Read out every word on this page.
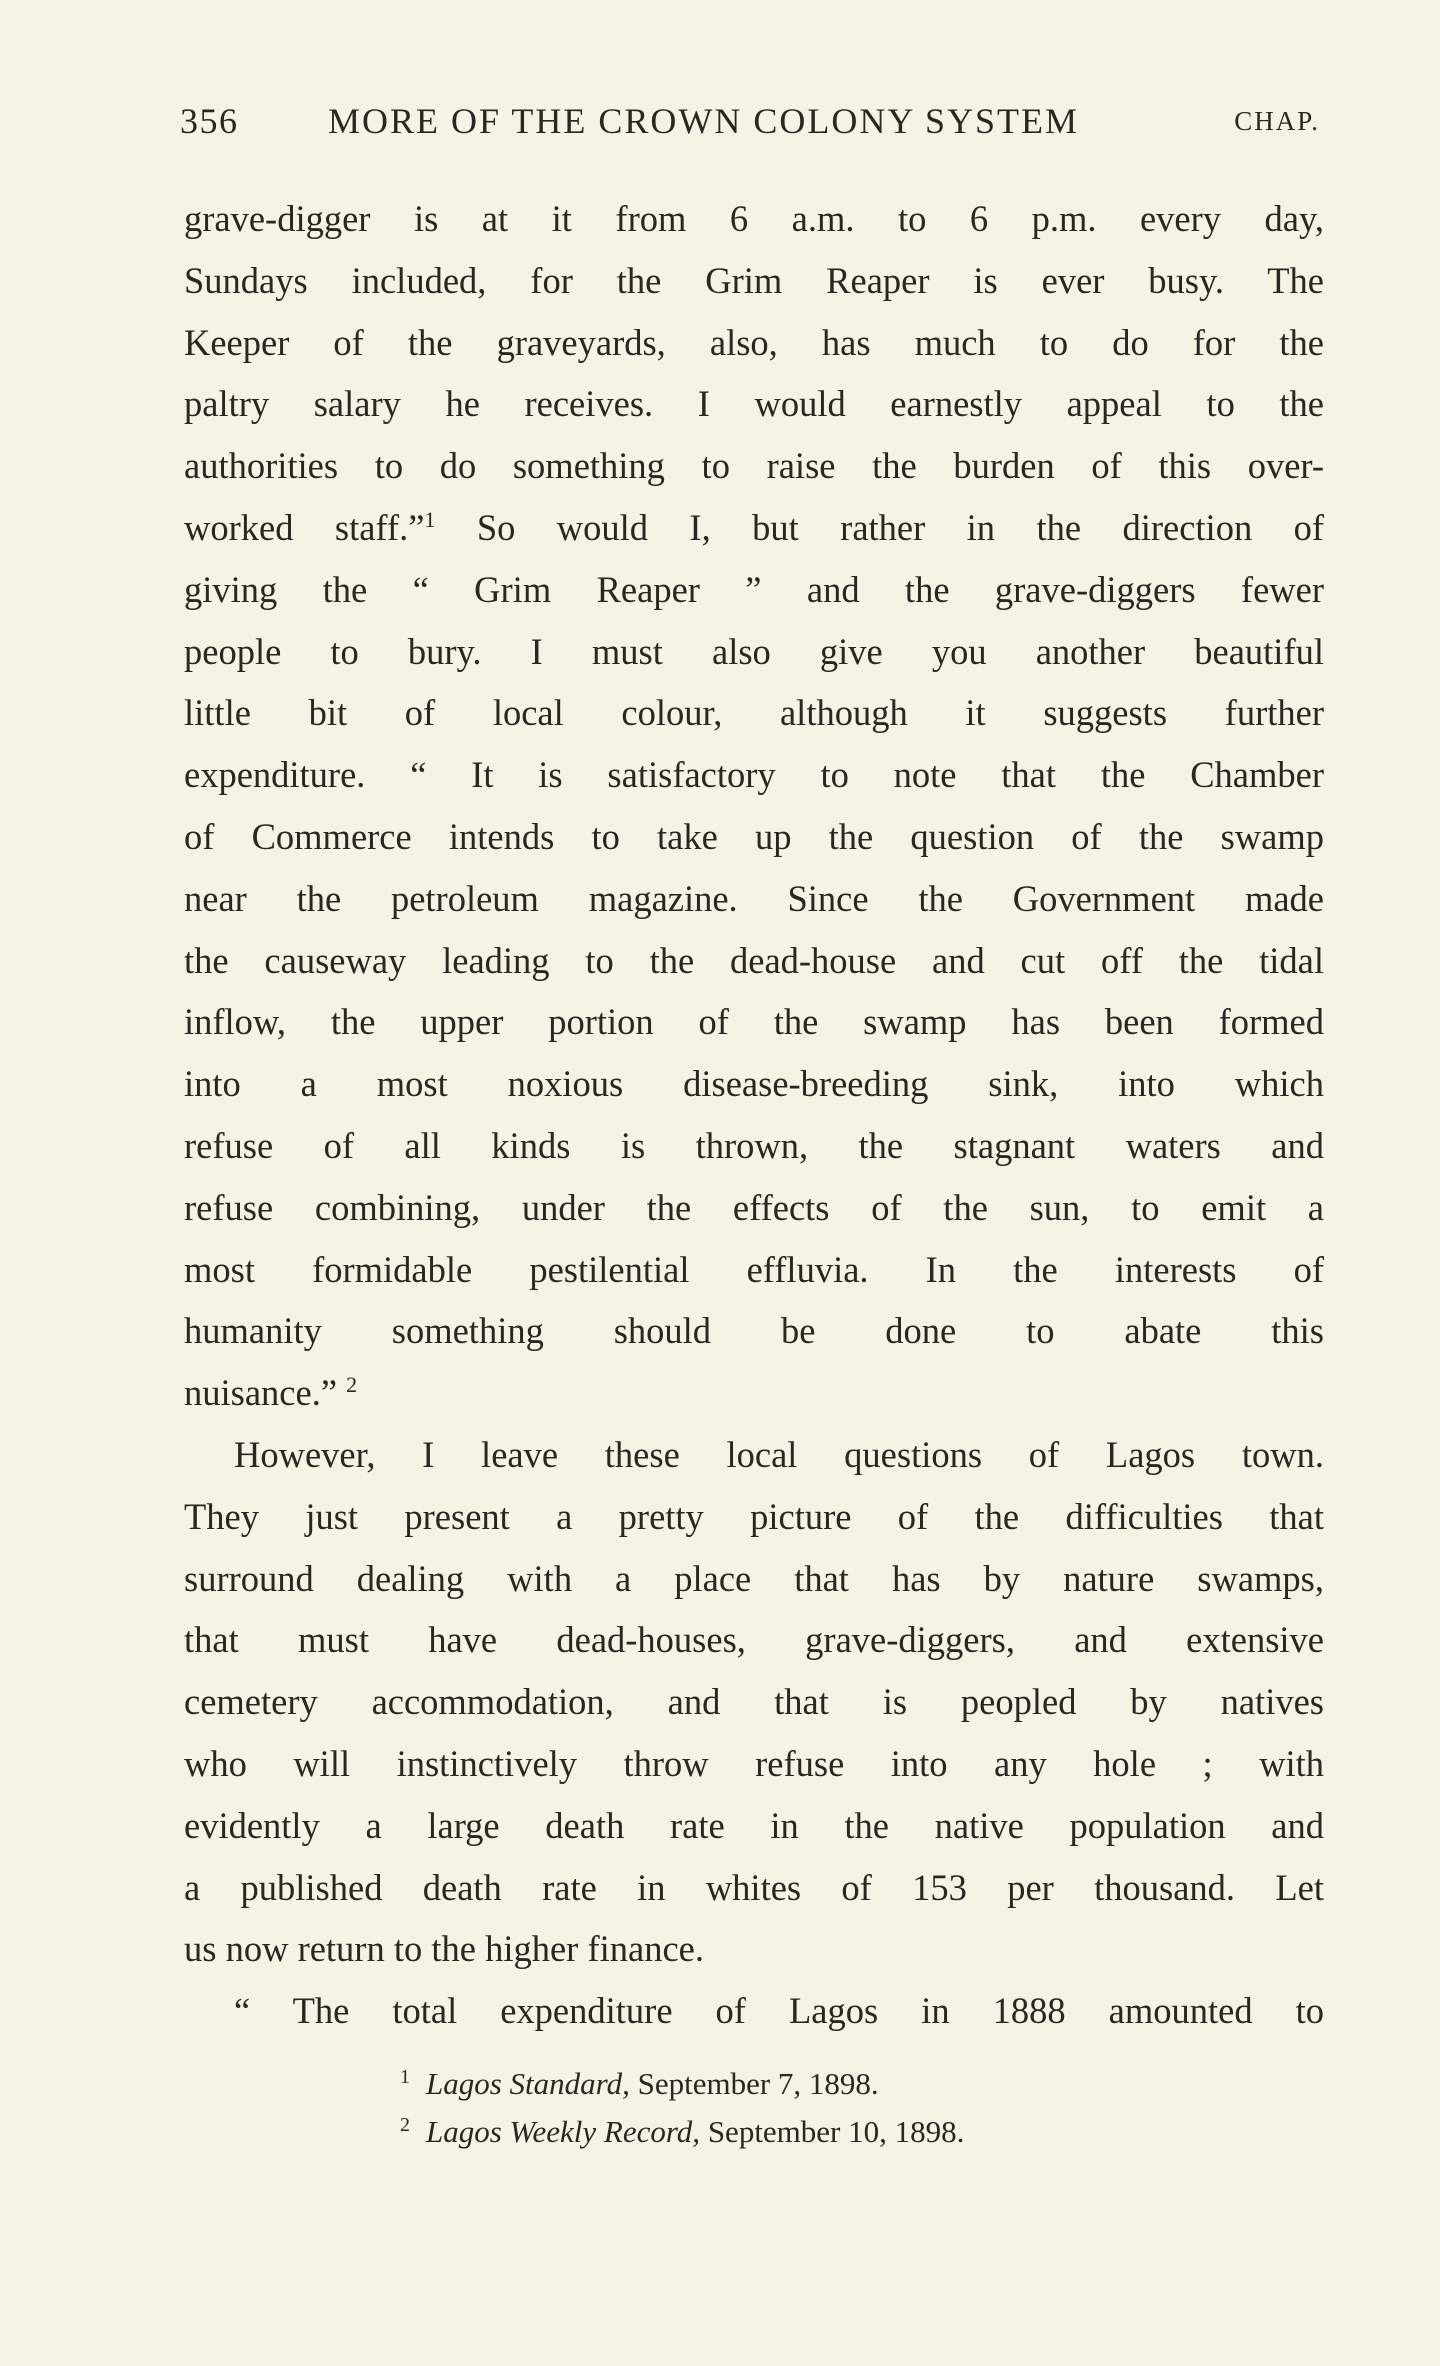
356 MORE OF THE CROWN COLONY SYSTEM	CHAP.
grave-digger is at it from 6 a.m. to 6 p.m. every day,
Sundays included, for the Grim Reaper is ever busy. The
Keeper of the graveyards, also, has much to do for the
paltry salary he receives. I would earnestly appeal to the
authorities to do something to raise the burden of this over-
worked staff.”$^1$ So would I, but rather in the direction of
giving the “ Grim Reaper ” and the grave-diggers fewer
people to bury. I must also give you another beautiful
little bit of local colour, although it suggests further
expenditure. “ It is satisfactory to note that the Chamber
of Commerce intends to take up the question of the swamp
near the petroleum magazine. Since the Government made
the causeway leading to the dead-house and cut off the tidal
inflow, the upper portion of the swamp has been formed
into a most noxious disease-breeding sink, into which
refuse of all kinds is thrown, the stagnant waters and
refuse combining, under the effects of the sun, to emit a
most formidable pestilential effluvia. In the interests of
humanity something should be done to abate this
nuisance.” $^2$
However, I leave these local questions of Lagos town.
They just present a pretty picture of the difficulties that
surround dealing with a place that has by nature swamps,
that must have dead-houses, grave-diggers, and extensive
cemetery accommodation, and that is peopled by natives
who will instinctively throw refuse into any hole ; with
evidently a large death rate in the native population and
a published death rate in whites of 153 per thousand. Let
us now return to the higher finance.
“ The total expenditure of Lagos in 1888 amounted to
1 Lagos Standard, September 7, 1898.
2 Lagos Weekly Record, September 10, 1898.
